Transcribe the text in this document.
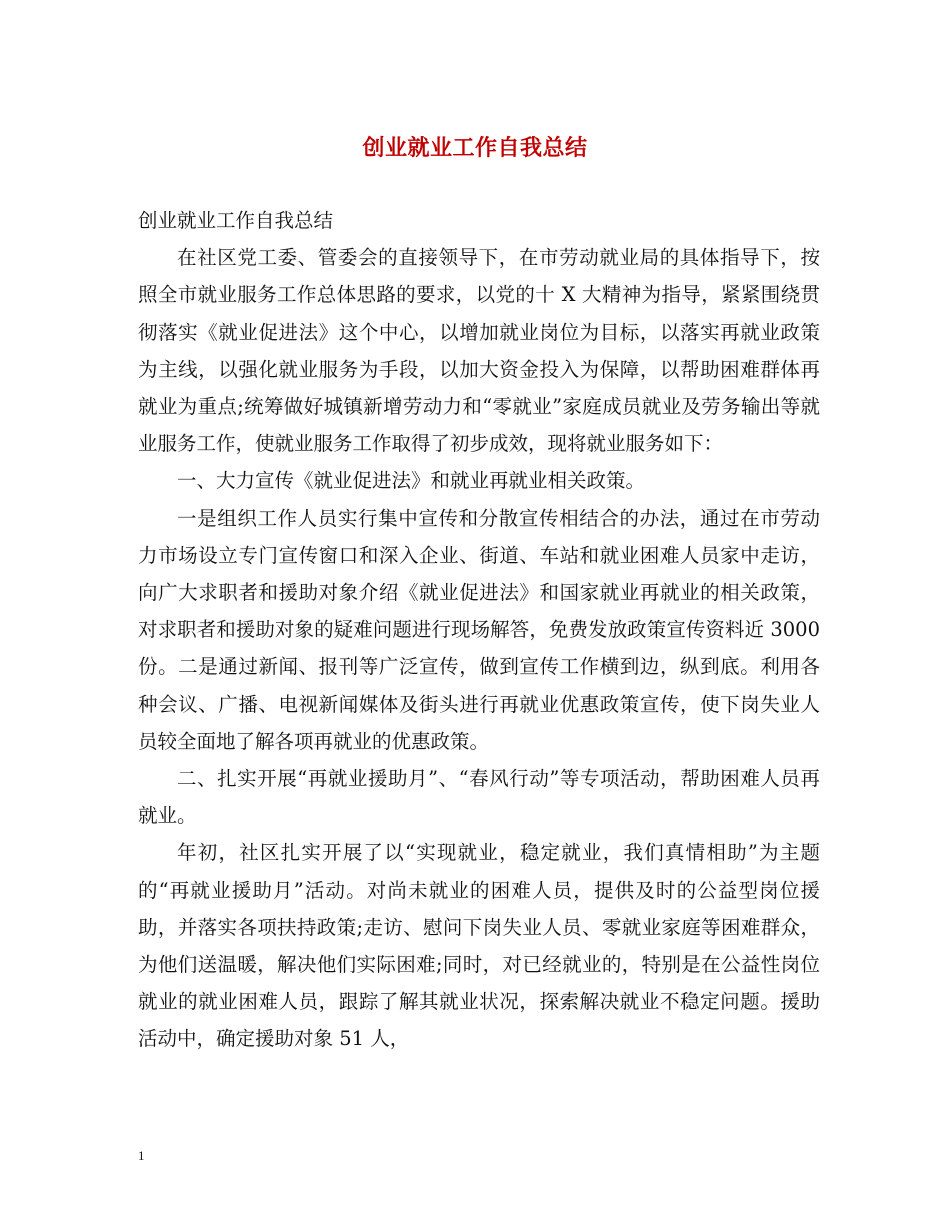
创业就业工作自我总结

创业就业工作自我总结

在社区党工委、管委会的直接领导下，在市劳动就业局的具体指导下，按照全市就业服务工作总体思路的要求，以党的十 X 大精神为指导，紧紧围绕贯彻落实《就业促进法》这个中心，以增加就业岗位为目标，以落实再就业政策为主线，以强化就业服务为手段，以加大资金投入为保障，以帮助困难群体再就业为重点;统筹做好城镇新增劳动力和“零就业”家庭成员就业及劳务输出等就业服务工作，使就业服务工作取得了初步成效，现将就业服务如下：

一、大力宣传《就业促进法》和就业再就业相关政策。

一是组织工作人员实行集中宣传和分散宣传相结合的办法，通过在市劳动力市场设立专门宣传窗口和深入企业、街道、车站和就业困难人员家中走访，向广大求职者和援助对象介绍《就业促进法》和国家就业再就业的相关政策，对求职者和援助对象的疑难问题进行现场解答，免费发放政策宣传资料近 3000 份。二是通过新闻、报刊等广泛宣传，做到宣传工作横到边，纵到底。利用各种会议、广播、电视新闻媒体及街头进行再就业优惠政策宣传，使下岗失业人员较全面地了解各项再就业的优惠政策。

二、扎实开展“再就业援助月”、“春风行动”等专项活动，帮助困难人员再就业。

年初，社区扎实开展了以“实现就业，稳定就业，我们真情相助”为主题的“再就业援助月”活动。对尚未就业的困难人员，提供及时的公益型岗位援助，并落实各项扶持政策;走访、慰问下岗失业人员、零就业家庭等困难群众，为他们送温暖，解决他们实际困难;同时，对已经就业的，特别是在公益性岗位就业的就业困难人员，跟踪了解其就业状况，探索解决就业不稳定问题。援助活动中，确定援助对象 51 人，

1
